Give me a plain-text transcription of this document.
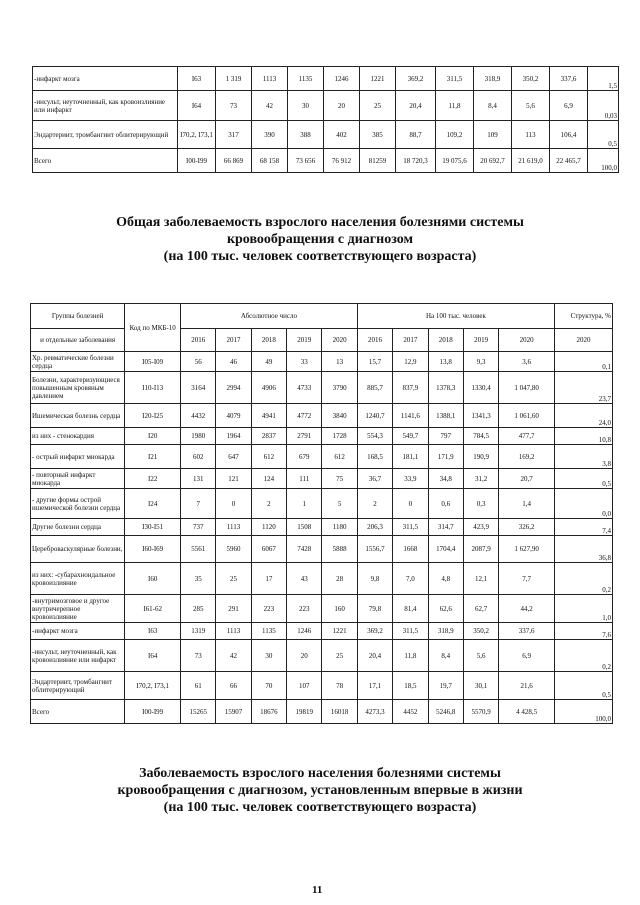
-инфаркт мозга	I63	1 319	1113	1135	1246	1221	369,2	311,5	318,9	350,2	337,6	1,5
-инсульт, неуточненный, как кровоизлияние или инфаркт	I64	73	42	30	20	25	20,4	11,8	8,4	5,6	6,9	0,03
Эндартериит, тромбангиит облитерирующий	I70,2, I73,1	317	390	388	402	385	88,7	109,2	109	113	106,4	0,5
Всего	I00-I99	66 869	68 158	73 656	76 912	81259	18 720,3	19 075,6	20 692,7	21 619,0	22 465,7	100,0
Общая заболеваемость взрослого населения болезнями системы
кровообращения с диагнозом
(на 100 тыс. человек соответствующего возраста)
Группы болезней	Код по МКБ-10	Абсолютное число					На 100 тыс. человек					Структура, %
и отдельные заболевания		2016	2017	2018	2019	2020	2016	2017	2018	2019	2020	2020
Хр. ревматические болезни сердца	I05-I09	56	46	49	33	13	15,7	12,9	13,8	9,3	3,6	0,1
Болезни, характеризующиеся повышенным кровяным давлением	I10-I13	3164	2994	4906	4733	3790	885,7	837,9	1378,3	1330,4	1 047,80	23,7
Ишемическая болезнь сердца	I20-I25	4432	4079	4941	4772	3840	1240,7	1141,6	1388,1	1341,3	1 061,60	24,0
из них - стенокардия	I20	1980	1964	2837	2791	1728	554,3	549,7	797	784,5	477,7	10,8
- острый инфаркт миокарда	I21	602	647	612	679	612	168,5	181,1	171,9	190,9	169,2	3,8
- повторный инфаркт миокарда	I22	131	121	124	111	75	36,7	33,9	34,8	31,2	20,7	0,5
- другие формы острой ишемической болезни сердца	I24	7	0	2	1	5	2	0	0,6	0,3	1,4	0,0
Другие болезни сердца	I30-I51	737	1113	1120	1508	1180	206,3	311,5	314,7	423,9	326,2	7,4
Цереброваскулярные болезни,	I60-I69	5561	5960	6067	7428	5888	1556,7	1668	1704,4	2087,9	1 627,90	36,8
из них: -субарахноидальное кровоизлияние	I60	35	25	17	43	28	9,8	7,0	4,8	12,1	7,7	0,2
-внутримозговое и другое внутричерепное кровоизлияние	I61-62	285	291	223	223	160	79,8	81,4	62,6	62,7	44,2	1,0
-инфаркт мозга	I63	1319	1113	1135	1246	1221	369,2	311,5	318,9	350,2	337,6	7,6
-инсульт, неуточненный, как кровоизлияние или инфаркт	I64	73	42	30	20	25	20,4	11,8	8,4	5,6	6,9	0,2
Эндартериит, тромбангиит облитерирующий	I70,2, I73,1	61	66	70	107	78	17,1	18,5	19,7	30,1	21,6	0,5
Всего	I00-I99	15265	15907	18676	19819	16018	4273,3	4452	5246,8	5570,9	4 428,5	100,0
Заболеваемость взрослого населения болезнями системы
кровообращения с диагнозом, установленным впервые в жизни
(на 100 тыс. человек соответствующего возраста)
11
